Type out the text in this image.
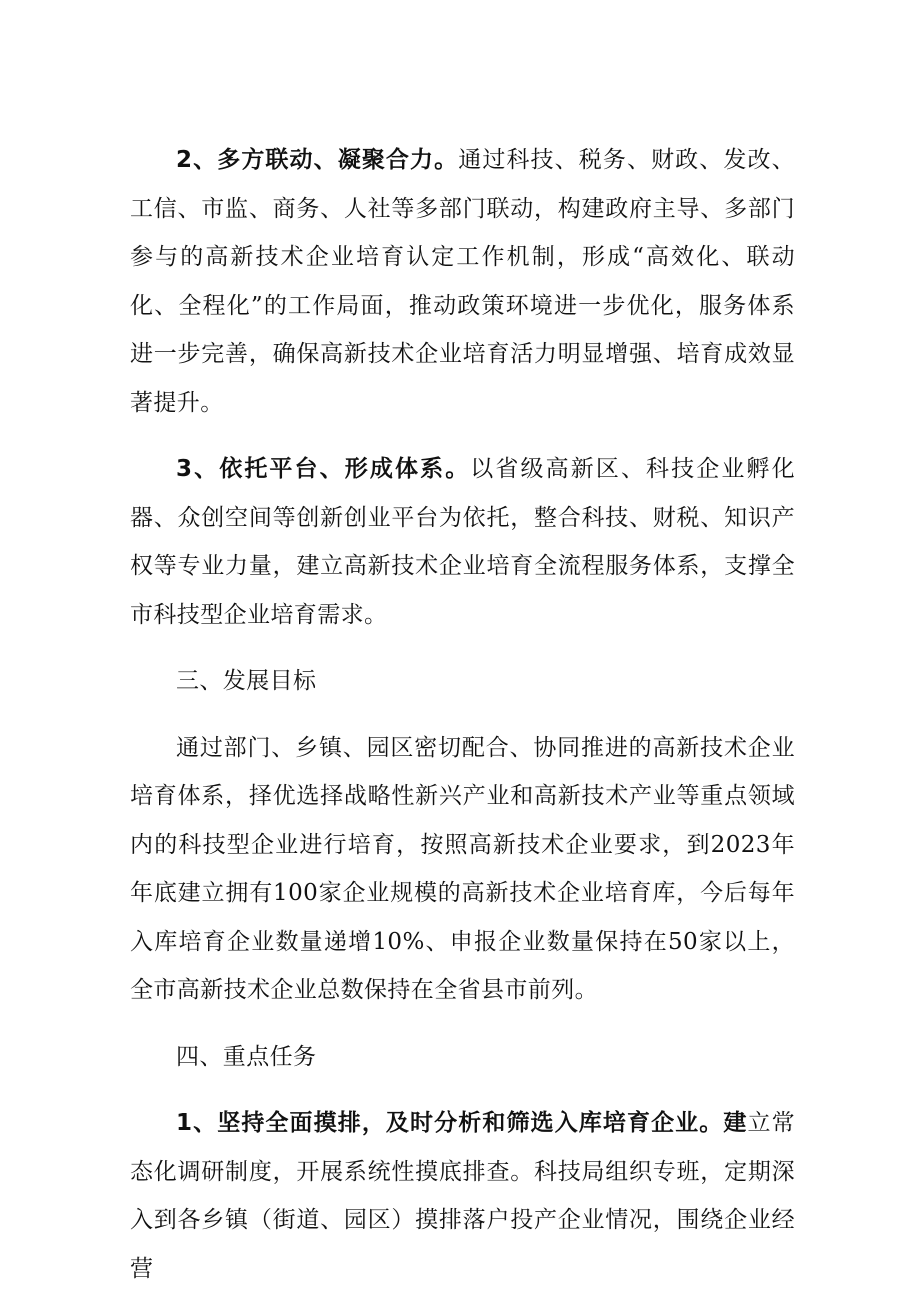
2、多方联动、凝聚合力。通过科技、税务、财政、发改、工信、市监、商务、人社等多部门联动，构建政府主导、多部门参与的高新技术企业培育认定工作机制，形成“高效化、联动化、全程化”的工作局面，推动政策环境进一步优化，服务体系进一步完善，确保高新技术企业培育活力明显增强、培育成效显著提升。

3、依托平台、形成体系。以省级高新区、科技企业孵化器、众创空间等创新创业平台为依托，整合科技、财税、知识产权等专业力量，建立高新技术企业培育全流程服务体系，支撑全市科技型企业培育需求。

三、发展目标

通过部门、乡镇、园区密切配合、协同推进的高新技术企业培育体系，择优选择战略性新兴产业和高新技术产业等重点领域内的科技型企业进行培育，按照高新技术企业要求，到2023年年底建立拥有100家企业规模的高新技术企业培育库，今后每年入库培育企业数量递增10%、申报企业数量保持在50家以上，全市高新技术企业总数保持在全省县市前列。

四、重点任务

1、坚持全面摸排，及时分析和筛选入库培育企业。建立常态化调研制度，开展系统性摸底排查。科技局组织专班，定期深入到各乡镇（街道、园区）摸排落户投产企业情况，围绕企业经营
